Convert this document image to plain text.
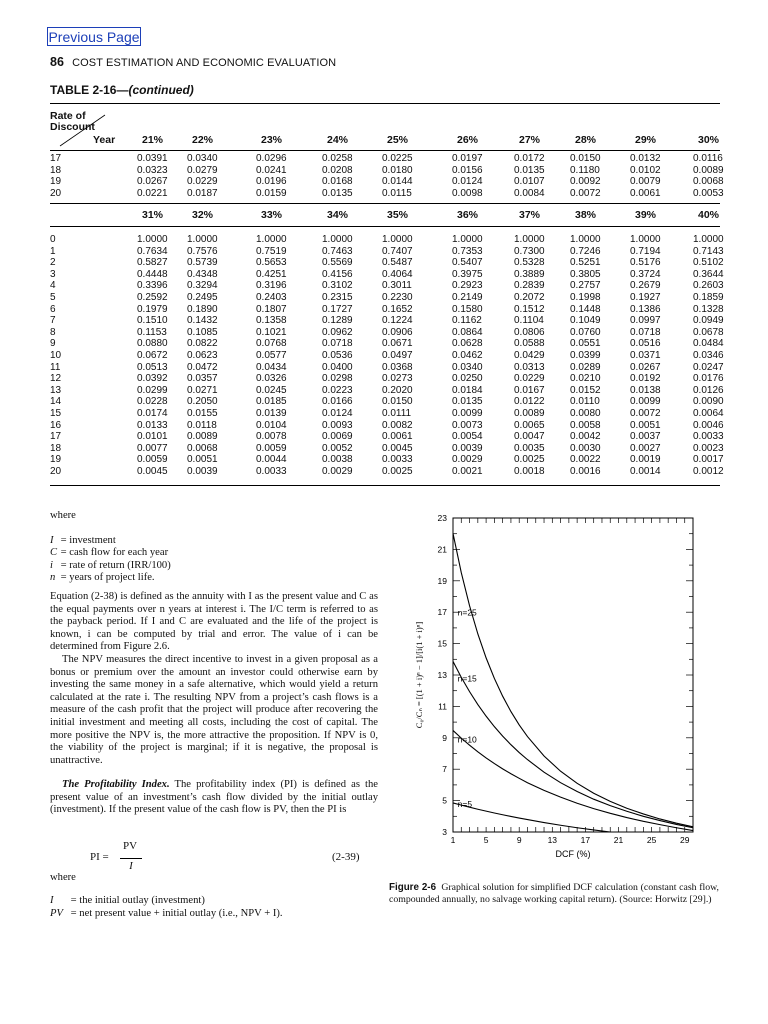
Previous Page
86 COST ESTIMATION AND ECONOMIC EVALUATION
TABLE 2-16—(continued)
Rate of
Discount
Year	21%	22%	23%	24%	25%	26%	27%	28%	29%	30%
17	0.0391 0.0340	0.0296	0.0258	0.0225	0.0197	0.0172	0.0150	0.0132	0.0116
18	0.0323 0.0279	0.0241	0.0208	0.0180	0.0156	0.0135	0.1180	0.0102	0.0089
19	0.0267 0.0229	0.0196	0.0168	0.0144	0.0124	0.0107	0.0092	0.0079	0.0068
20	0.0221 0.0187	0.0159	0.0135	0.0115	0.0098	0.0084	0.0072	0.0061	0.0053
31%	32%	33%	34%	35%	36%	37%	38%	39%	40%
0	1.0000 1.0000	1.0000	1.0000	1.0000	1.0000	1.0000	1.0000	1.0000	1.0000
1	0.7634 0.7576	0.7519	0.7463	0.7407	0.7353	0.7300	0.7246	0.7194	0.7143
2	0.5827 0.5739	0.5653	0.5569	0.5487	0.5407	0.5328	0.5251	0.5176	0.5102
3	0.4448 0.4348	0.4251	0.4156	0.4064	0.3975	0.3889	0.3805	0.3724	0.3644
4	0.3396 0.3294	0.3196	0.3102	0.3011	0.2923	0.2839	0.2757	0.2679	0.2603
5	0.2592 0.2495	0.2403	0.2315	0.2230	0.2149	0.2072	0.1998	0.1927	0.1859
6	0.1979 0.1890	0.1807	0.1727	0.1652	0.1580	0.1512	0.1448	0.1386	0.1328
7	0.1510 0.1432	0.1358	0.1289	0.1224	0.1162	0.1104	0.1049	0.0997	0.0949
8	0.1153 0.1085	0.1021	0.0962	0.0906	0.0864	0.0806	0.0760	0.0718	0.0678
9	0.0880 0.0822	0.0768	0.0718	0.0671	0.0628	0.0588	0.0551	0.0516	0.0484
10	0.0672 0.0623	0.0577	0.0536	0.0497	0.0462	0.0429	0.0399	0.0371	0.0346
11	0.0513 0.0472	0.0434	0.0400	0.0368	0.0340	0.0313	0.0289	0.0267	0.0247
12	0.0392 0.0357	0.0326	0.0298	0.0273	0.0250	0.0229	0.0210	0.0192	0.0176
13	0.0299 0.0271	0.0245	0.0223	0.2020	0.0184	0.0167	0.0152	0.0138	0.0126
14	0.0228 0.2050	0.0185	0.0166	0.0150	0.0135	0.0122	0.0110	0.0099	0.0090
15	0.0174 0.0155	0.0139	0.0124	0.0111	0.0099	0.0089	0.0080	0.0072	0.0064
16	0.0133 0.0118	0.0104	0.0093	0.0082	0.0073	0.0065	0.0058	0.0051	0.0046
17	0.0101 0.0089	0.0078	0.0069	0.0061	0.0054	0.0047	0.0042	0.0037	0.0033
18	0.0077 0.0068	0.0059	0.0052	0.0045	0.0039	0.0035	0.0030	0.0027	0.0023
19	0.0059 0.0051	0.0044	0.0038	0.0033	0.0029	0.0025	0.0022	0.0019	0.0017
20	0.0045 0.0039	0.0033	0.0029	0.0025	0.0021	0.0018	0.0016	0.0014	0.0012

where

I = investment
C = cash flow for each year
i = rate of return (IRR/100)
n = years of project life.

Equation (2-38) is defined as the annuity with I as the present value and C as the equal payments over n years at interest i. The I/C term is referred to as the payback period. If I and C are evaluated and the life of the project is known, i can be computed by trial and error. The value of i can be determined from Figure 2.6.

The NPV measures the direct incentive to invest in a given proposal as a bonus or premium over the amount an investor could otherwise earn by investing the same money in a safe alternative, which would yield a return calculated at the rate i. The resulting NPV from a project’s cash flows is a measure of the cash profit that the project will produce after recovering the initial investment and meeting all costs, including the cost of capital. The more positive the NPV is, the more attractive the proposition. If NPV is 0, the viability of the project is marginal; if it is negative, the proposal is unattractive.

The Profitability Index. The profitability index (PI) is defined as the present value of an investment’s cash flow divided by the initial outlay (investment). If the present value of the cash flow is PV, then the PI is

PI =
PV
I
(2-39)
where
I = the initial outlay (investment)
PV = net present value + initial outlay (i.e., NPV + I).
1	5	9	13	17	21	25	29
3
5
7
9
11
13
15
17
19
21
23
DCF (%)
C₀/Cₙ = [(1 + i)ⁿ − 1]/[i(1 + i)ⁿ]
n=25
n=15
n=10
n=5
Figure 2-6 Graphical solution for simplified DCF calculation (constant cash flow, compounded annually, no salvage working capital return). (Source: Horwitz [29].)
